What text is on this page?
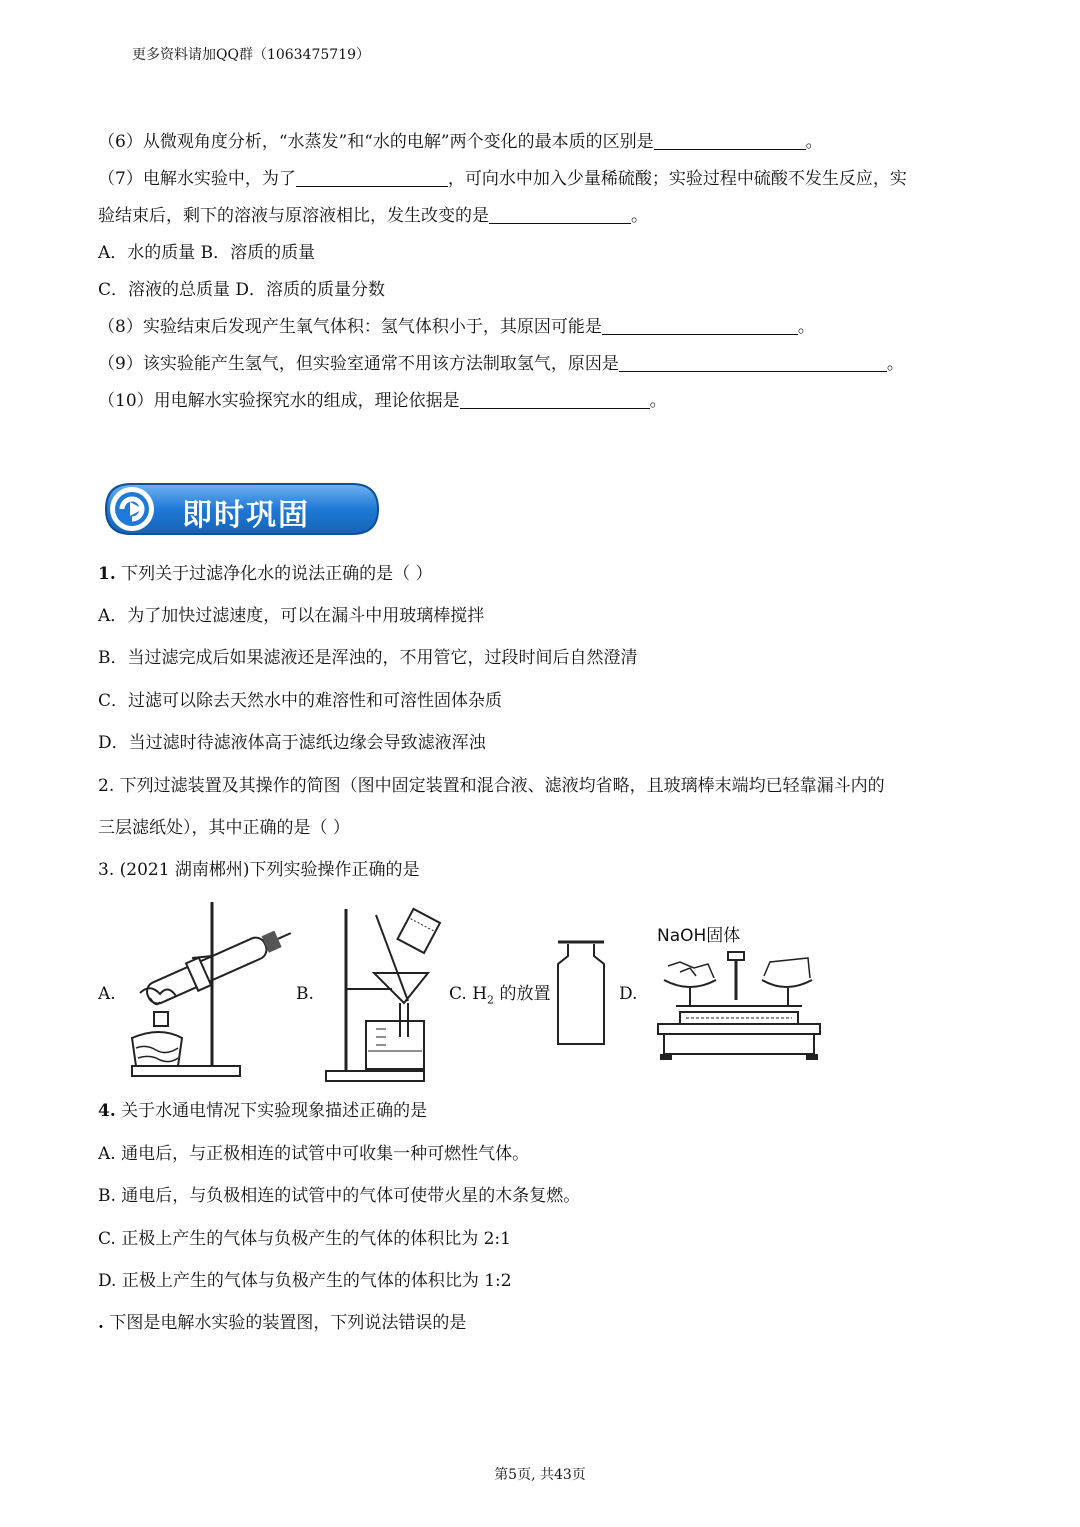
更多资料请加QQ群（1063475719）
（6）从微观角度分析，“水蒸发”和“水的电解”两个变化的最本质的区别是	。
（7）电解水实验中，为了	，可向水中加入少量稀硫酸；实验过程中硫酸不发生反应，实
验结束后，剩下的溶液与原溶液相比，发生改变的是	。
A．水的质量 B．溶质的质量
C．溶液的总质量 D．溶质的质量分数
（8）实验结束后发现产生氧气体积：氢气体积小于，其原因可能是	。
（9）该实验能产生氢气，但实验室通常不用该方法制取氢气，原因是	。
（10）用电解水实验探究水的组成，理论依据是	。
即时巩固
1. 下列关于过滤净化水的说法正确的是（ ）
A．为了加快过滤速度，可以在漏斗中用玻璃棒搅拌
B．当过滤完成后如果滤液还是浑浊的，不用管它，过段时间后自然澄清
C．过滤可以除去天然水中的难溶性和可溶性固体杂质
D．当过滤时待滤液体高于滤纸边缘会导致滤液浑浊
2. 下列过滤装置及其操作的简图（图中固定装置和混合液、滤液均省略，且玻璃棒末端均已轻靠漏斗内的
三层滤纸处），其中正确的是（ ）
3. (2021 湖南郴州)下列实验操作正确的是
A.	B.	C. $H_2$ 的放置	D.
NaOH固体
4. 关于水通电情况下实验现象描述正确的是
A. 通电后，与正极相连的试管中可收集一种可燃性气体。
B. 通电后，与负极相连的试管中的气体可使带火星的木条复燃。
C. 正极上产生的气体与负极产生的气体的体积比为 2:1
D. 正极上产生的气体与负极产生的气体的体积比为 1:2
. 下图是电解水实验的装置图，下列说法错误的是
第5页, 共43页
